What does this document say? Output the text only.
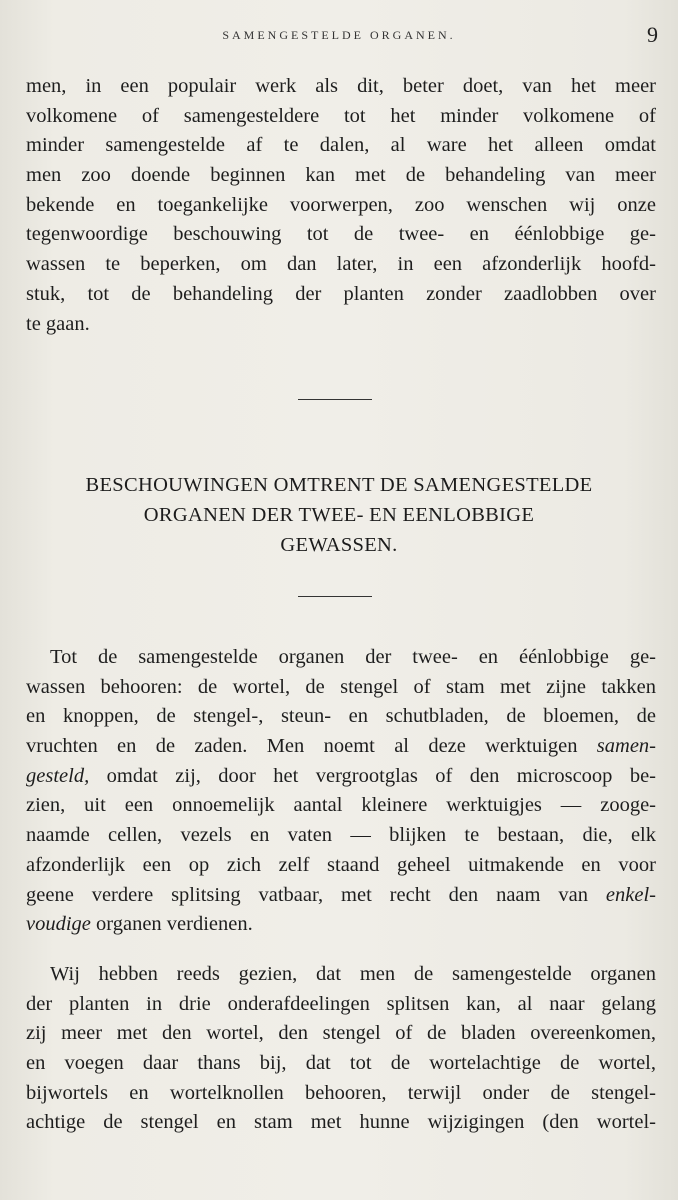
SAMENGESTELDE ORGANEN.	9
men, in een populair werk als dit, beter doet, van het meer
volkomene of samengesteldere tot het minder volkomene of
minder samengestelde af te dalen, al ware het alleen omdat
men zoo doende beginnen kan met de behandeling van meer
bekende en toegankelijke voorwerpen, zoo wenschen wij onze
tegenwoordige beschouwing tot de twee- en éénlobbige ge-
wassen te beperken, om dan later, in een afzonderlijk hoofd-
stuk, tot de behandeling der planten zonder zaadlobben over
te gaan.
BESCHOUWINGEN OMTRENT DE SAMENGESTELDE
ORGANEN DER TWEE- EN EENLOBBIGE
GEWASSEN.
Tot de samengestelde organen der twee- en éénlobbige ge-
wassen behooren: de wortel, de stengel of stam met zijne takken
en knoppen, de stengel-, steun- en schutbladen, de bloemen, de
vruchten en de zaden. Men noemt al deze werktuigen samen-
gesteld, omdat zij, door het vergrootglas of den microscoop be-
zien, uit een onnoemelijk aantal kleinere werktuigjes — zooge-
naamde cellen, vezels en vaten — blijken te bestaan, die, elk
afzonderlijk een op zich zelf staand geheel uitmakende en voor
geene verdere splitsing vatbaar, met recht den naam van enkel-
voudige organen verdienen.
Wij hebben reeds gezien, dat men de samengestelde organen
der planten in drie onderafdeelingen splitsen kan, al naar gelang
zij meer met den wortel, den stengel of de bladen overeenkomen,
en voegen daar thans bij, dat tot de wortelachtige de wortel,
bijwortels en wortelknollen behooren, terwijl onder de stengel-
achtige de stengel en stam met hunne wijzigingen (den wortel-
